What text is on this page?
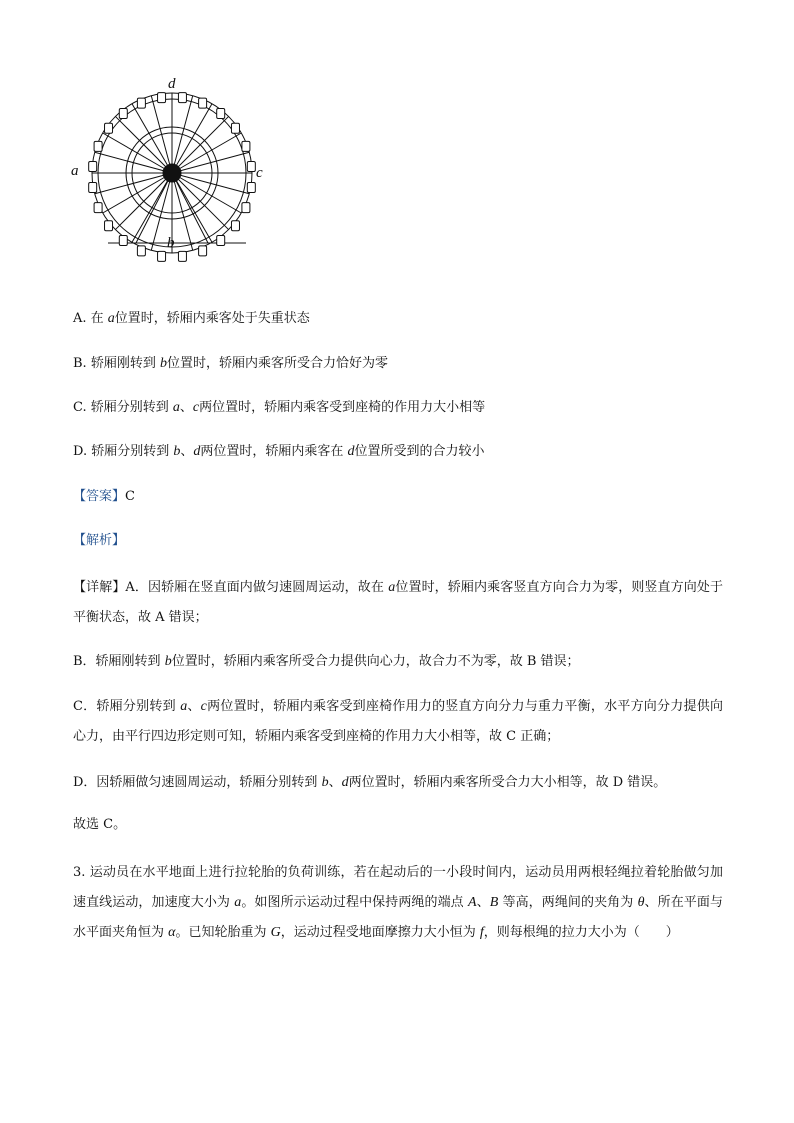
a
b
c
d
A. 在 a位置时，轿厢内乘客处于失重状态
B. 轿厢刚转到 b位置时，轿厢内乘客所受合力恰好为零
C. 轿厢分别转到 a、c两位置时，轿厢内乘客受到座椅的作用力大小相等
D. 轿厢分别转到 b、d两位置时，轿厢内乘客在 d位置所受到的合力较小
【答案】C
【解析】
【详解】A．因轿厢在竖直面内做匀速圆周运动，故在 a位置时，轿厢内乘客竖直方向合力为零，则竖直方向处于平衡状态，故 A 错误；
B．轿厢刚转到 b位置时，轿厢内乘客所受合力提供向心力，故合力不为零，故 B 错误；
C．轿厢分别转到 a、c两位置时，轿厢内乘客受到座椅作用力的竖直方向分力与重力平衡，水平方向分力提供向心力，由平行四边形定则可知，轿厢内乘客受到座椅的作用力大小相等，故 C 正确；
D．因轿厢做匀速圆周运动，轿厢分别转到 b、d两位置时，轿厢内乘客所受合力大小相等，故 D 错误。
故选 C。
3. 运动员在水平地面上进行拉轮胎的负荷训练，若在起动后的一小段时间内，运动员用两根轻绳拉着轮胎做匀加速直线运动，加速度大小为 a。如图所示运动过程中保持两绳的端点 A、B 等高，两绳间的夹角为 θ、所在平面与水平面夹角恒为 α。已知轮胎重为 G，运动过程受地面摩擦力大小恒为 f，则每根绳的拉力大小为（　　）
